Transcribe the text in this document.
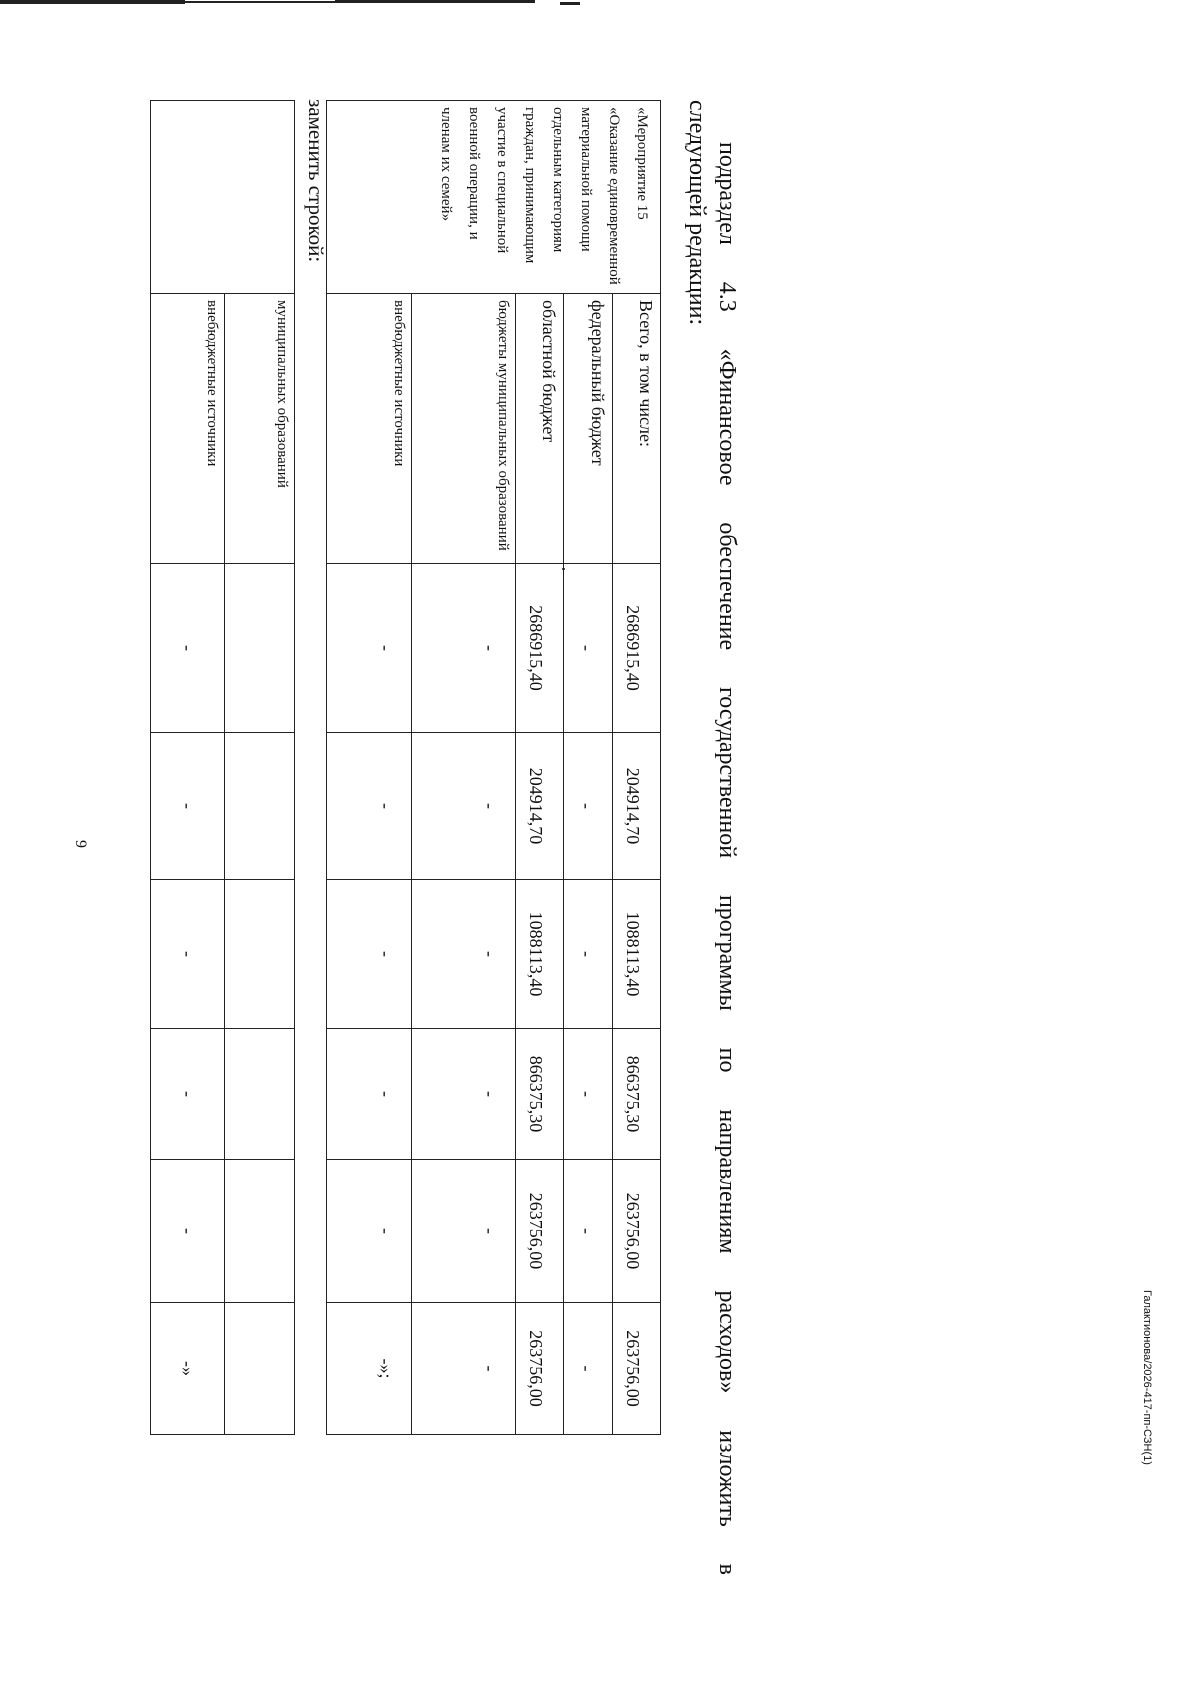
9
	муниципальных образований						
	внебюджетные источники	-	-	-	-	-	-»
заменить строкой:	«Мероприятие 15 «Оказание единовременной материальной помощи отдельным категориям граждан, принимающим участие в специальной военной операции, и членам их семей»	Всего, в том числе:	2686915,40	204914,70	1088113,40	866375,30	263756,00	263756,00
	федеральный бюджет	-	-	-	-	-	-
	областной бюджет	2686915,40	204914,70	1088113,40	866375,30	263756,00	263756,00
	бюджеты муниципальных образований	-	-	-	-	-	-
	внебюджетные источники	-	-	-	-	-	-»;	подраздел 4.3 «Финансовое обеспечение государственной программы по направлениям расходов» изложить в
следующей редакции:
Галактионова/2026-417-пп-СЗН(1)
